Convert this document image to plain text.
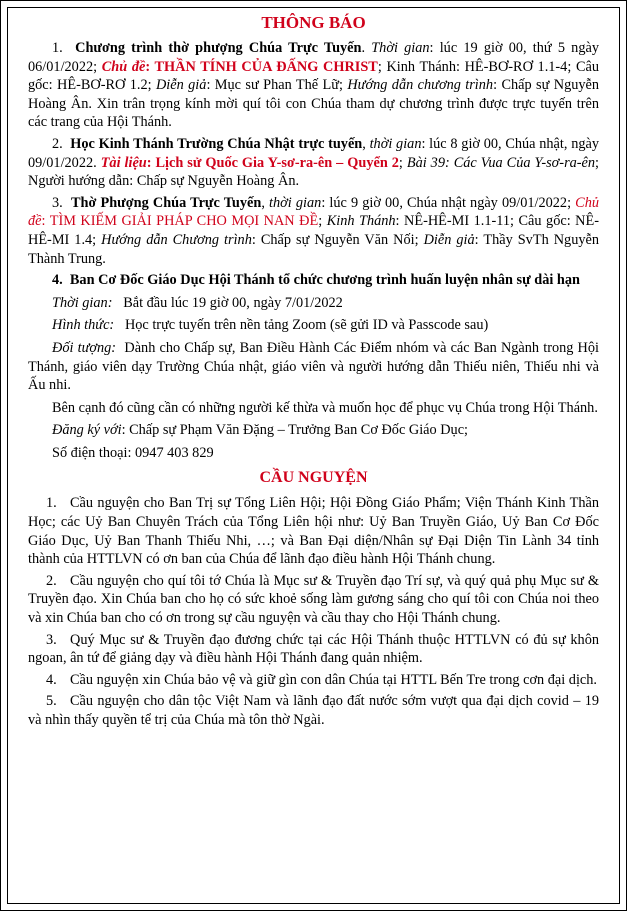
THÔNG BÁO

1. Chương trình thờ phượng Chúa Trực Tuyến. Thời gian: lúc 19 giờ 00, thứ 5 ngày 06/01/2022; Chủ đề: THẦN TÍNH CỦA ĐẤNG CHRIST; Kinh Thánh: HÊ-BƠ-RƠ 1.1-4; Câu gốc: HÊ-BƠ-RƠ 1.2; Diễn giả: Mục sư Phan Thế Lữ; Hướng dẫn chương trình: Chấp sự Nguyễn Hoàng Ân. Xin trân trọng kính mời quí tôi con Chúa tham dự chương trình được trực tuyến trên các trang của Hội Thánh.

2. Học Kinh Thánh Trường Chúa Nhật trực tuyến, thời gian: lúc 8 giờ 00, Chúa nhật, ngày 09/01/2022. Tài liệu: Lịch sử Quốc Gia Y-sơ-ra-ên – Quyển 2; Bài 39: Các Vua Của Y-sơ-ra-ên; Người hướng dẫn: Chấp sự Nguyễn Hoàng Ân.

3. Thờ Phượng Chúa Trực Tuyến, thời gian: lúc 9 giờ 00, Chúa nhật ngày 09/01/2022; Chủ đề: TÌM KIẾM GIẢI PHÁP CHO MỌI NAN ĐỀ; Kinh Thánh: NÊ-HÊ-MI 1.1-11; Câu gốc: NÊ-HÊ-MI 1.4; Hướng dẫn Chương trình: Chấp sự Nguyễn Văn Nối; Diễn giả: Thầy SvTh Nguyễn Thành Trung.

4. Ban Cơ Đốc Giáo Dục Hội Thánh tổ chức chương trình huấn luyện nhân sự dài hạn

Thời gian: Bắt đầu lúc 19 giờ 00, ngày 7/01/2022

Hình thức: Học trực tuyến trên nền tảng Zoom (sẽ gửi ID và Passcode sau)

Đối tượng: Dành cho Chấp sự, Ban Điều Hành Các Điểm nhóm và các Ban Ngành trong Hội Thánh, giáo viên dạy Trường Chúa nhật, giáo viên và người hướng dẫn Thiếu niên, Thiếu nhi và Ấu nhi.

Bên cạnh đó cũng cần có những người kế thừa và muốn học để phục vụ Chúa trong Hội Thánh.

Đăng ký với: Chấp sự Phạm Văn Đặng – Trưởng Ban Cơ Đốc Giáo Dục;

Số điện thoại: 0947 403 829

CẦU NGUYỆN

1. Cầu nguyện cho Ban Trị sự Tổng Liên Hội; Hội Đồng Giáo Phẩm; Viện Thánh Kinh Thần Học; các Uỷ Ban Chuyên Trách của Tổng Liên hội như: Uỷ Ban Truyền Giáo, Uỷ Ban Cơ Đốc Giáo Dục, Uỷ Ban Thanh Thiếu Nhi, …; và Ban Đại diện/Nhân sự Đại Diện Tin Lành 34 tỉnh thành của HTTLVN có ơn ban của Chúa để lãnh đạo điều hành Hội Thánh chung.

2. Cầu nguyện cho quí tôi tớ Chúa là Mục sư & Truyền đạo Trí sự, và quý quả phụ Mục sư & Truyền đạo. Xin Chúa ban cho họ có sức khoẻ sống làm gương sáng cho quí tôi con Chúa noi theo và xin Chúa ban cho có ơn trong sự cầu nguyện và cầu thay cho Hội Thánh chung.

3. Quý Mục sư & Truyền đạo đương chức tại các Hội Thánh thuộc HTTLVN có đủ sự khôn ngoan, ân tứ để giảng dạy và điều hành Hội Thánh đang quản nhiệm.

4. Cầu nguyện xin Chúa bảo vệ và giữ gìn con dân Chúa tại HTTL Bến Tre trong cơn đại dịch.

5. Cầu nguyện cho dân tộc Việt Nam và lãnh đạo đất nước sớm vượt qua đại dịch covid – 19 và nhìn thấy quyền tể trị của Chúa mà tôn thờ Ngài.
